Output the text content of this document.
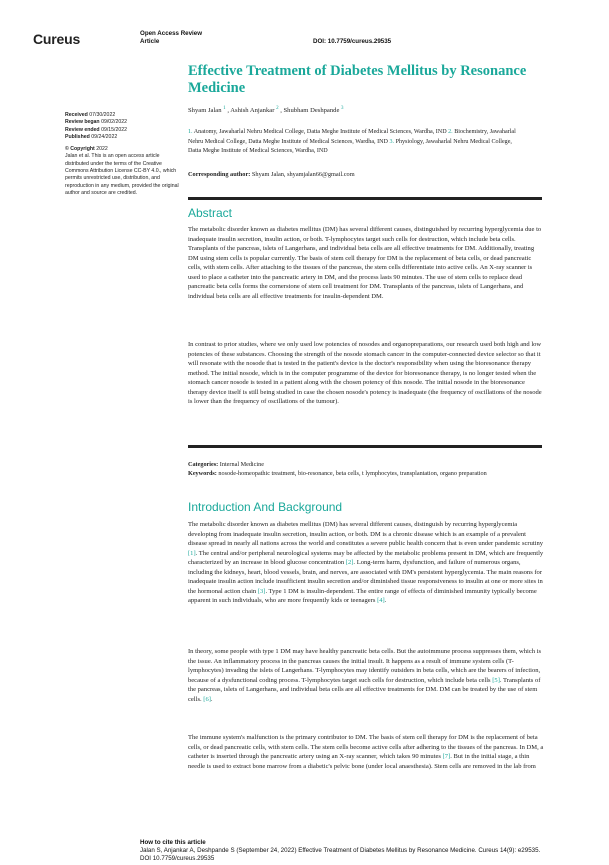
Cureus	Open Access Review
Article	DOI: 10.7759/cureus.29535
Effective Treatment of Diabetes Mellitus by Resonance Medicine
Shyam Jalan $^1$ , Ashish Anjankar $^2$ , Shubham Deshpande $^3$
1. Anatomy, Jawaharlal Nehru Medical College, Datta Meghe Institute of Medical Sciences, Wardha, IND 2. Biochemistry, Jawaharlal Nehru Medical College, Datta Meghe Institute of Medical Sciences, Wardha, IND 3. Physiology, Jawaharlal Nehru Medical College, Datta Meghe Institute of Medical Sciences, Wardha, IND
Corresponding author: Shyam Jalan, shyamjalan66@gmail.com
Received 07/30/2022
Review began 09/02/2022
Review ended 09/15/2022
Published 09/24/2022
© Copyright 2022
Jalan et al. This is an open access article distributed under the terms of the Creative Commons Attribution License CC-BY 4.0., which permits unrestricted use, distribution, and reproduction in any medium, provided the original author and source are credited.
Abstract

The metabolic disorder known as diabetes mellitus (DM) has several different causes, distinguished by recurring hyperglycemia due to inadequate insulin secretion, insulin action, or both. T-lymphocytes target such cells for destruction, which include beta cells. Transplants of the pancreas, islets of Langerhans, and individual beta cells are all effective treatments for DM. Additionally, treating DM using stem cells is popular currently. The basis of stem cell therapy for DM is the replacement of beta cells, or dead pancreatic cells, with stem cells. After attaching to the tissues of the pancreas, the stem cells differentiate into active cells. An X-ray scanner is used to place a catheter into the pancreatic artery in DM, and the process lasts 90 minutes. The use of stem cells to replace dead pancreatic beta cells forms the cornerstone of stem cell treatment for DM. Transplants of the pancreas, islets of Langerhans, and individual beta cells are all effective treatments for insulin-dependent DM.

In contrast to prior studies, where we only used low potencies of nosodes and organopreparations, our research used both high and low potencies of these substances. Choosing the strength of the nosode stomach cancer in the computer-connected device selector so that it will resonate with the nosode that is tested in the patient's device is the doctor's responsibility when using the bioresonance therapy method. The initial nosode, which is in the computer programme of the device for bioresonance therapy, is no longer tested when the stomach cancer nosode is tested in a patient along with the chosen potency of this nosode. The initial nosode in the bioresonance therapy device itself is still being studied in case the chosen nosode's potency is inadequate (the frequency of oscillations of the nosode is lower than the frequency of oscillations of the tumour).

Categories: Internal Medicine
Keywords: nosode-homeopathic treatment, bio-resonance, beta cells, t lymphocytes, transplantation, organo preparation
Introduction And Background

The metabolic disorder known as diabetes mellitus (DM) has several different causes, distinguish by recurring hyperglycemia developing from inadequate insulin secretion, insulin action, or both. DM is a chronic disease which is an example of a prevalent disease spread in nearly all nations across the world and constitutes a severe public health concern that is even under pandemic scrutiny [1]. The central and/or peripheral neurological systems may be affected by the metabolic problems present in DM, which are frequently characterized by an increase in blood glucose concentration [2]. Long-term harm, dysfunction, and failure of numerous organs, including the kidneys, heart, blood vessels, brain, and nerves, are associated with DM's persistent hyperglycemia. The main reasons for inadequate insulin action include insufficient insulin secretion and/or diminished tissue responsiveness to insulin at one or more sites in the hormonal action chain [3]. Type 1 DM is insulin-dependent. The entire range of effects of diminished immunity typically become apparent in such individuals, who are more frequently kids or teenagers [4].

In theory, some people with type 1 DM may have healthy pancreatic beta cells. But the autoimmune process suppresses them, which is the issue. An inflammatory process in the pancreas causes the initial insult. It happens as a result of immune system cells (T-lymphocytes) invading the islets of Langerhans. T-lymphocytes may identify outsiders in beta cells, which are the bearers of infection, because of a dysfunctional coding process. T-lymphocytes target such cells for destruction, which include beta cells [5]. Transplants of the pancreas, islets of Langerhans, and individual beta cells are all effective treatments for DM. DM can be treated by the use of stem cells. [6].

The immune system's malfunction is the primary contributor to DM. The basis of stem cell therapy for DM is the replacement of beta cells, or dead pancreatic cells, with stem cells. The stem cells become active cells after adhering to the tissues of the pancreas. In DM, a catheter is inserted through the pancreatic artery using an X-ray scanner, which takes 90 minutes [7]. But in the initial stage, a thin needle is used to extract bone marrow from a diabetic's pelvic bone (under local anaesthesia). Stem cells are removed in the lab from

How to cite this article
Jalan S, Anjankar A, Deshpande S (September 24, 2022) Effective Treatment of Diabetes Mellitus by Resonance Medicine. Cureus 14(9): e29535.
DOI 10.7759/cureus.29535
